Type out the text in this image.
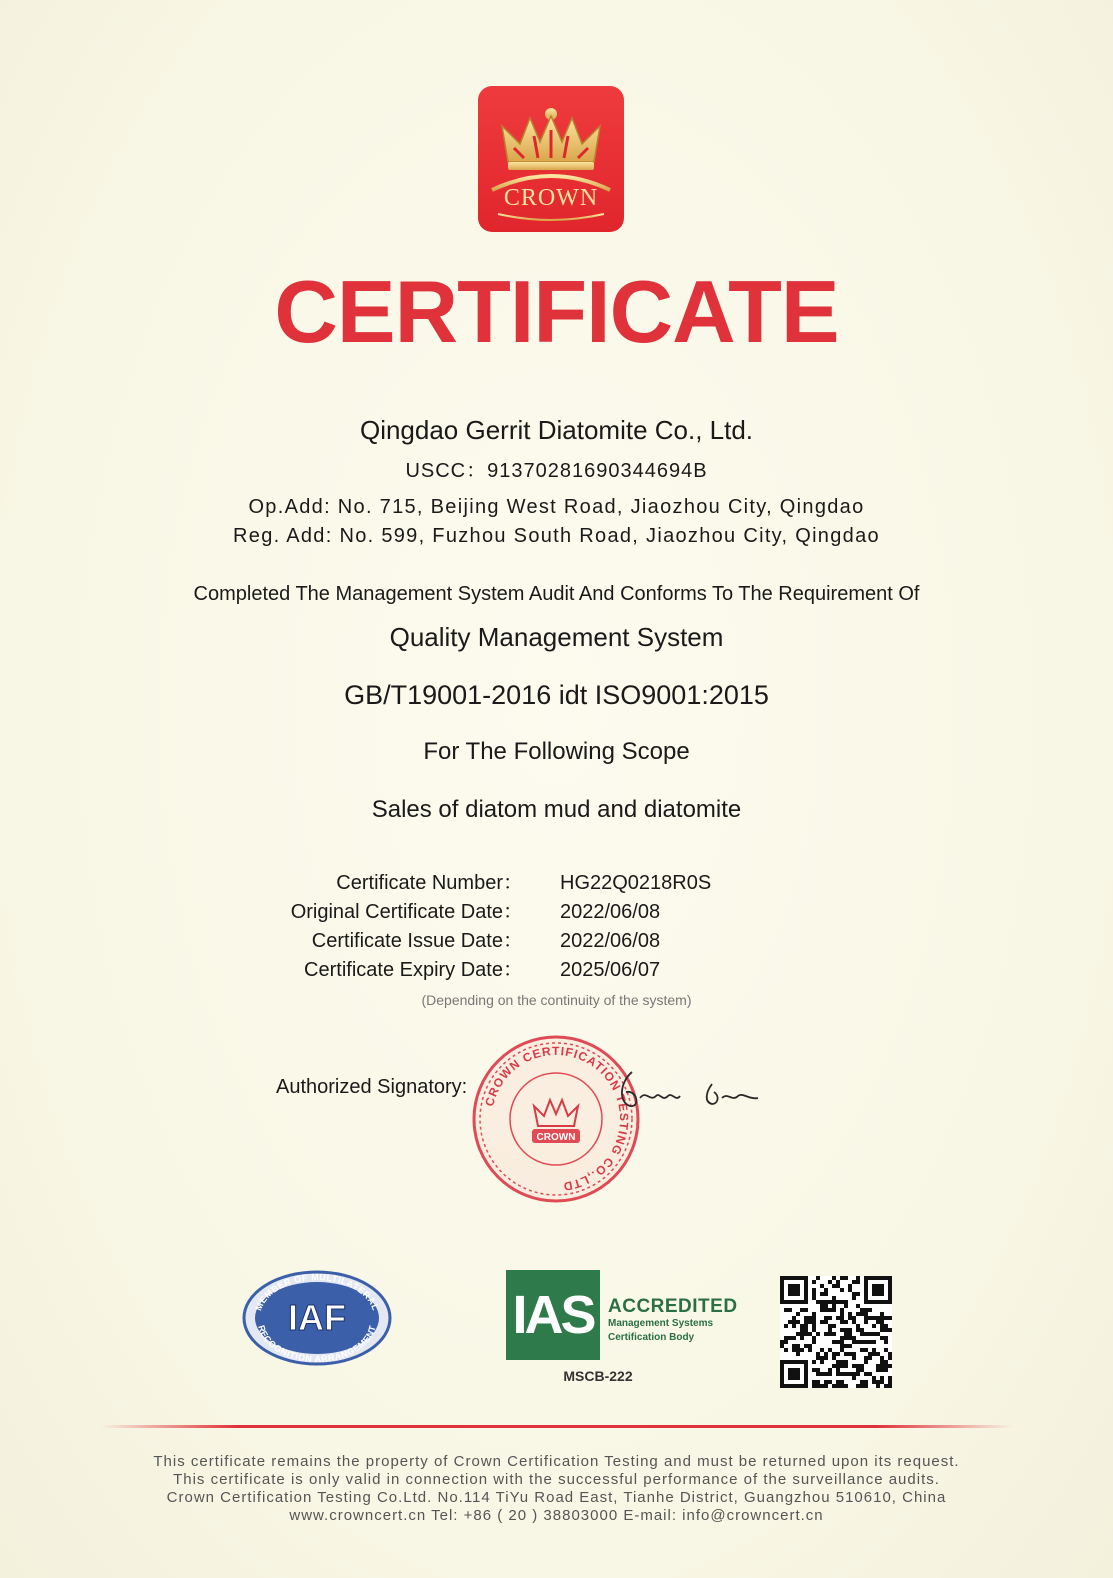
CROWN
CERTIFICATE
Qingdao Gerrit Diatomite Co., Ltd.
USCC：91370281690344694B
Op.Add: No. 715, Beijing West Road, Jiaozhou City, Qingdao
Reg. Add: No. 599, Fuzhou South Road, Jiaozhou City, Qingdao
Completed The Management System Audit And Conforms To The Requirement Of
Quality Management System
GB/T19001-2016 idt ISO9001:2015
For The Following Scope
Sales of diatom mud and diatomite
Certificate Number： HG22Q0218R0S
Original Certificate Date： 2022/06/08
Certificate Issue Date： 2022/06/08
Certificate Expiry Date： 2025/06/07
(Depending on the continuity of the system)
Authorized Signatory:
CROWN CERTIFICATION TESTING CO.,LTD
CROWN
MEMBER OF MULTILATERAL
RECOGNITION ARRANGEMENT
IAF	IAS ACCREDITED
Management Systems
Certification Body
MSCB-222
This certificate remains the property of Crown Certification Testing and must be returned upon its request.
This certificate is only valid in connection with the successful performance of the surveillance audits.
Crown Certification Testing Co.Ltd. No.114 TiYu Road East, Tianhe District, Guangzhou 510610, China
www.crowncert.cn Tel: +86 ( 20 ) 38803000 E-mail: info@crowncert.cn
